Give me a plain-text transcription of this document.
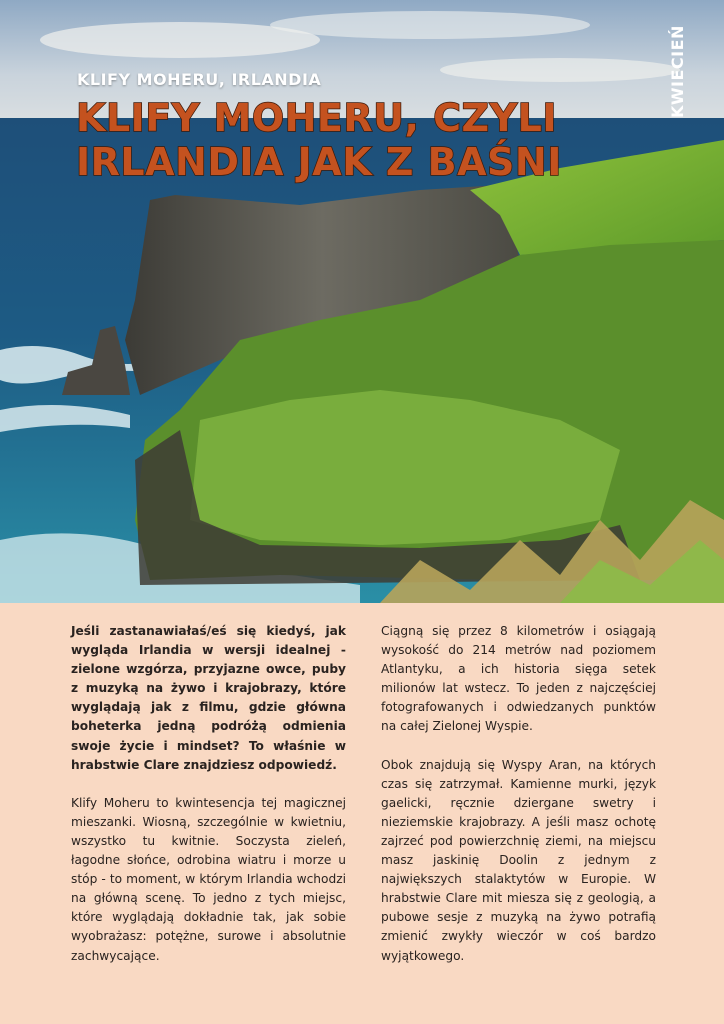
KLIFY MOHERU, IRLANDIA
KLIFY MOHERU, CZYLI IRLANDIA JAK Z BAŚNI
KWIECIEŃ

Jeśli zastanawiałaś/eś się kiedyś, jak wygląda Irlandia w wersji idealnej - zielone wzgórza, przyjazne owce, puby z muzyką na żywo i krajobrazy, które wyglądają jak z filmu, gdzie główna boheterka jedną podróżą odmienia swoje życie i mindset? To właśnie w hrabstwie Clare znajdziesz odpowiedź.

Klify Moheru to kwintesencja tej magicznej mieszanki. Wiosną, szczególnie w kwietniu, wszystko tu kwitnie. Soczysta zieleń, łagodne słońce, odrobina wiatru i morze u stóp - to moment, w którym Irlandia wchodzi na główną scenę. To jedno z tych miejsc, które wyglądają dokładnie tak, jak sobie wyobrażasz: potężne, surowe i absolutnie zachwycające.

Ciągną się przez 8 kilometrów i osiągają wysokość do 214 metrów nad poziomem Atlantyku, a ich historia sięga setek milionów lat wstecz. To jeden z najczęściej fotografowanych i odwiedzanych punktów na całej Zielonej Wyspie.

Obok znajdują się Wyspy Aran, na których czas się zatrzymał. Kamienne murki, język gaelicki, ręcznie dziergane swetry i nieziemskie krajobrazy. A jeśli masz ochotę zajrzeć pod powierzchnię ziemi, na miejscu masz jaskinię Doolin z jednym z największych stalaktytów w Europie. W hrabstwie Clare mit miesza się z geologią, a pubowe sesje z muzyką na żywo potrafią zmienić zwykły wieczór w coś bardzo wyjątkowego.
